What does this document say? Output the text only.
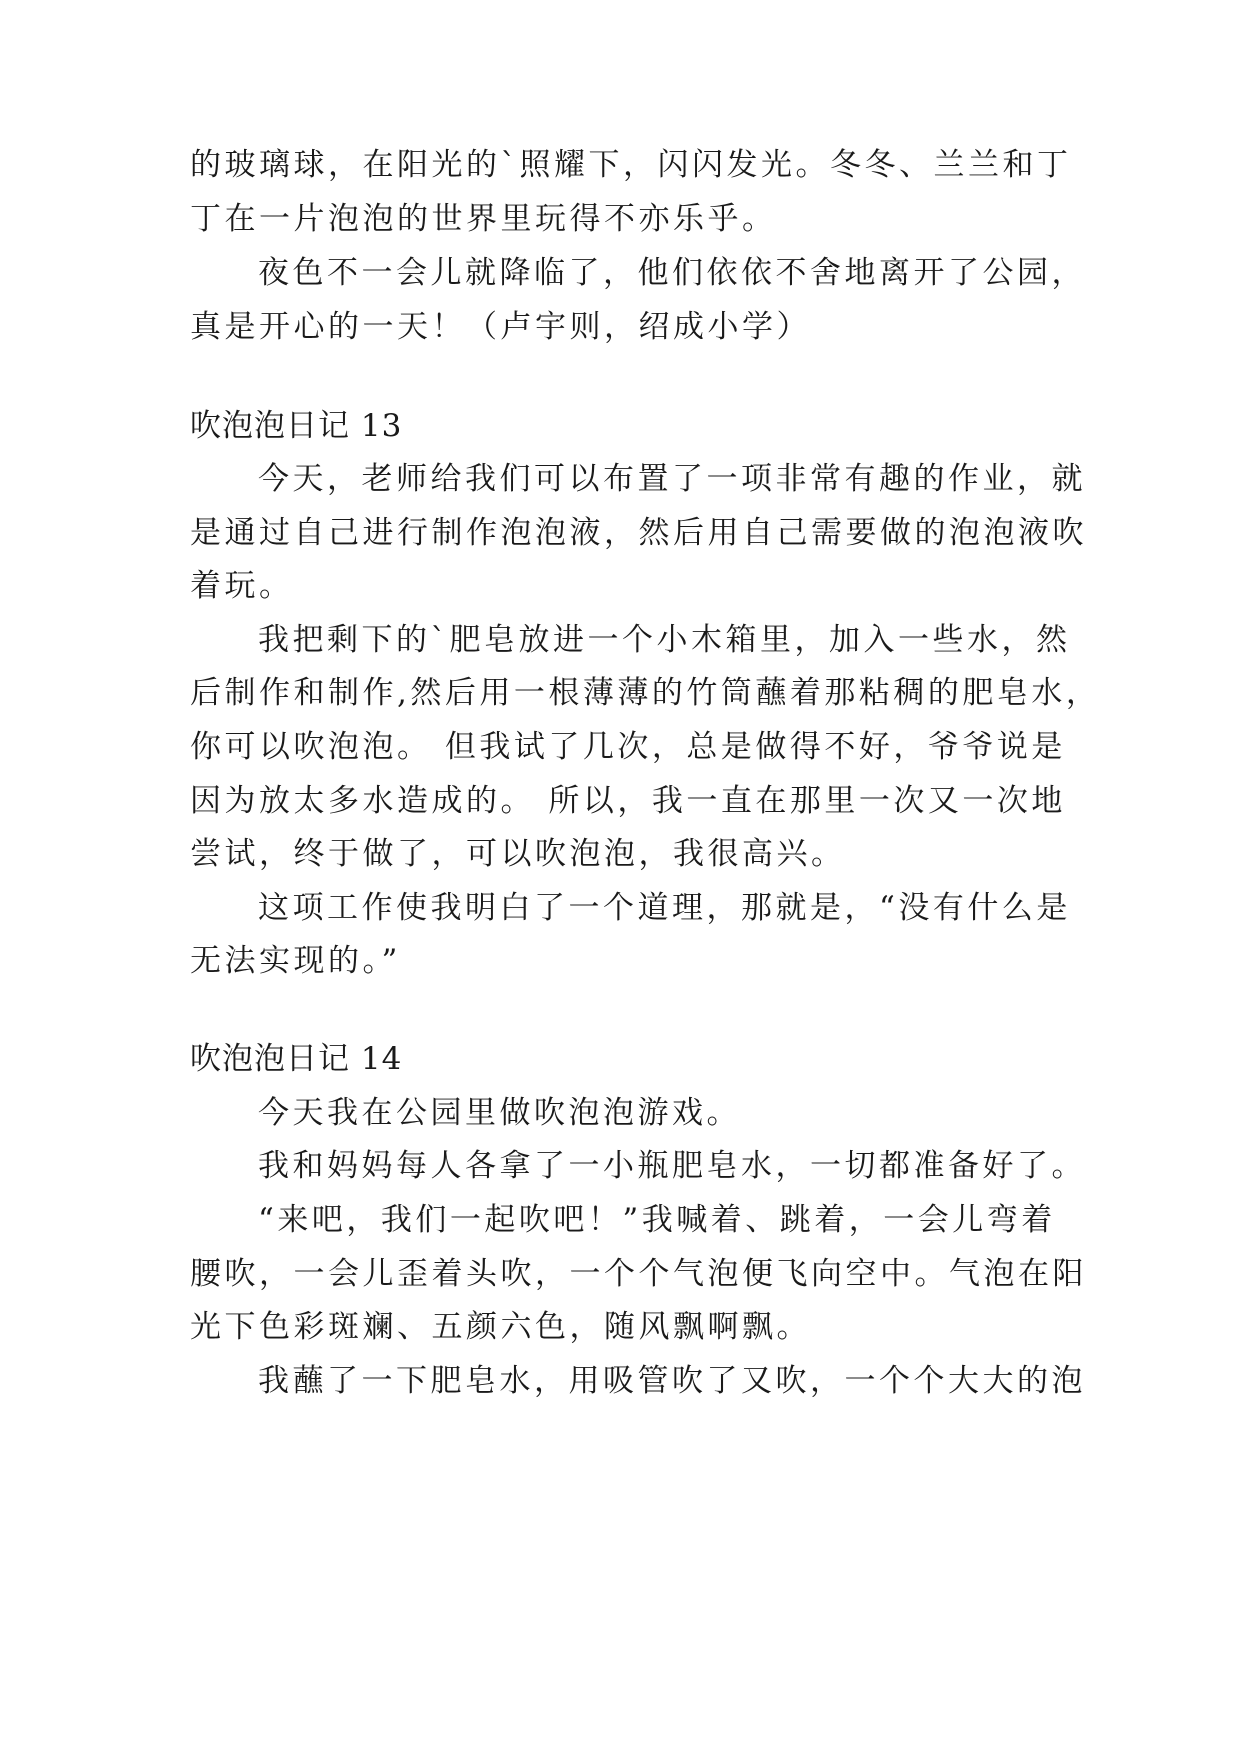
的玻璃球，在阳光的`照耀下，闪闪发光。冬冬、兰兰和丁
丁在一片泡泡的世界里玩得不亦乐乎。
夜色不一会儿就降临了，他们依依不舍地离开了公园，
真是开心的一天！（卢宇则，绍成小学）
吹泡泡日记 13
今天，老师给我们可以布置了一项非常有趣的作业，就
是通过自己进行制作泡泡液，然后用自己需要做的泡泡液吹
着玩。
我把剩下的`肥皂放进一个小木箱里，加入一些水，然
后制作和制作,然后用一根薄薄的竹筒蘸着那粘稠的肥皂水，
你可以吹泡泡。 但我试了几次，总是做得不好，爷爷说是
因为放太多水造成的。 所以，我一直在那里一次又一次地
尝试，终于做了，可以吹泡泡，我很高兴。
这项工作使我明白了一个道理，那就是，“没有什么是
无法实现的。”
吹泡泡日记 14
今天我在公园里做吹泡泡游戏。
我和妈妈每人各拿了一小瓶肥皂水，一切都准备好了。
“来吧，我们一起吹吧！”我喊着、跳着，一会儿弯着
腰吹，一会儿歪着头吹，一个个气泡便飞向空中。气泡在阳
光下色彩斑斓、五颜六色，随风飘啊飘。
我蘸了一下肥皂水，用吸管吹了又吹，一个个大大的泡
